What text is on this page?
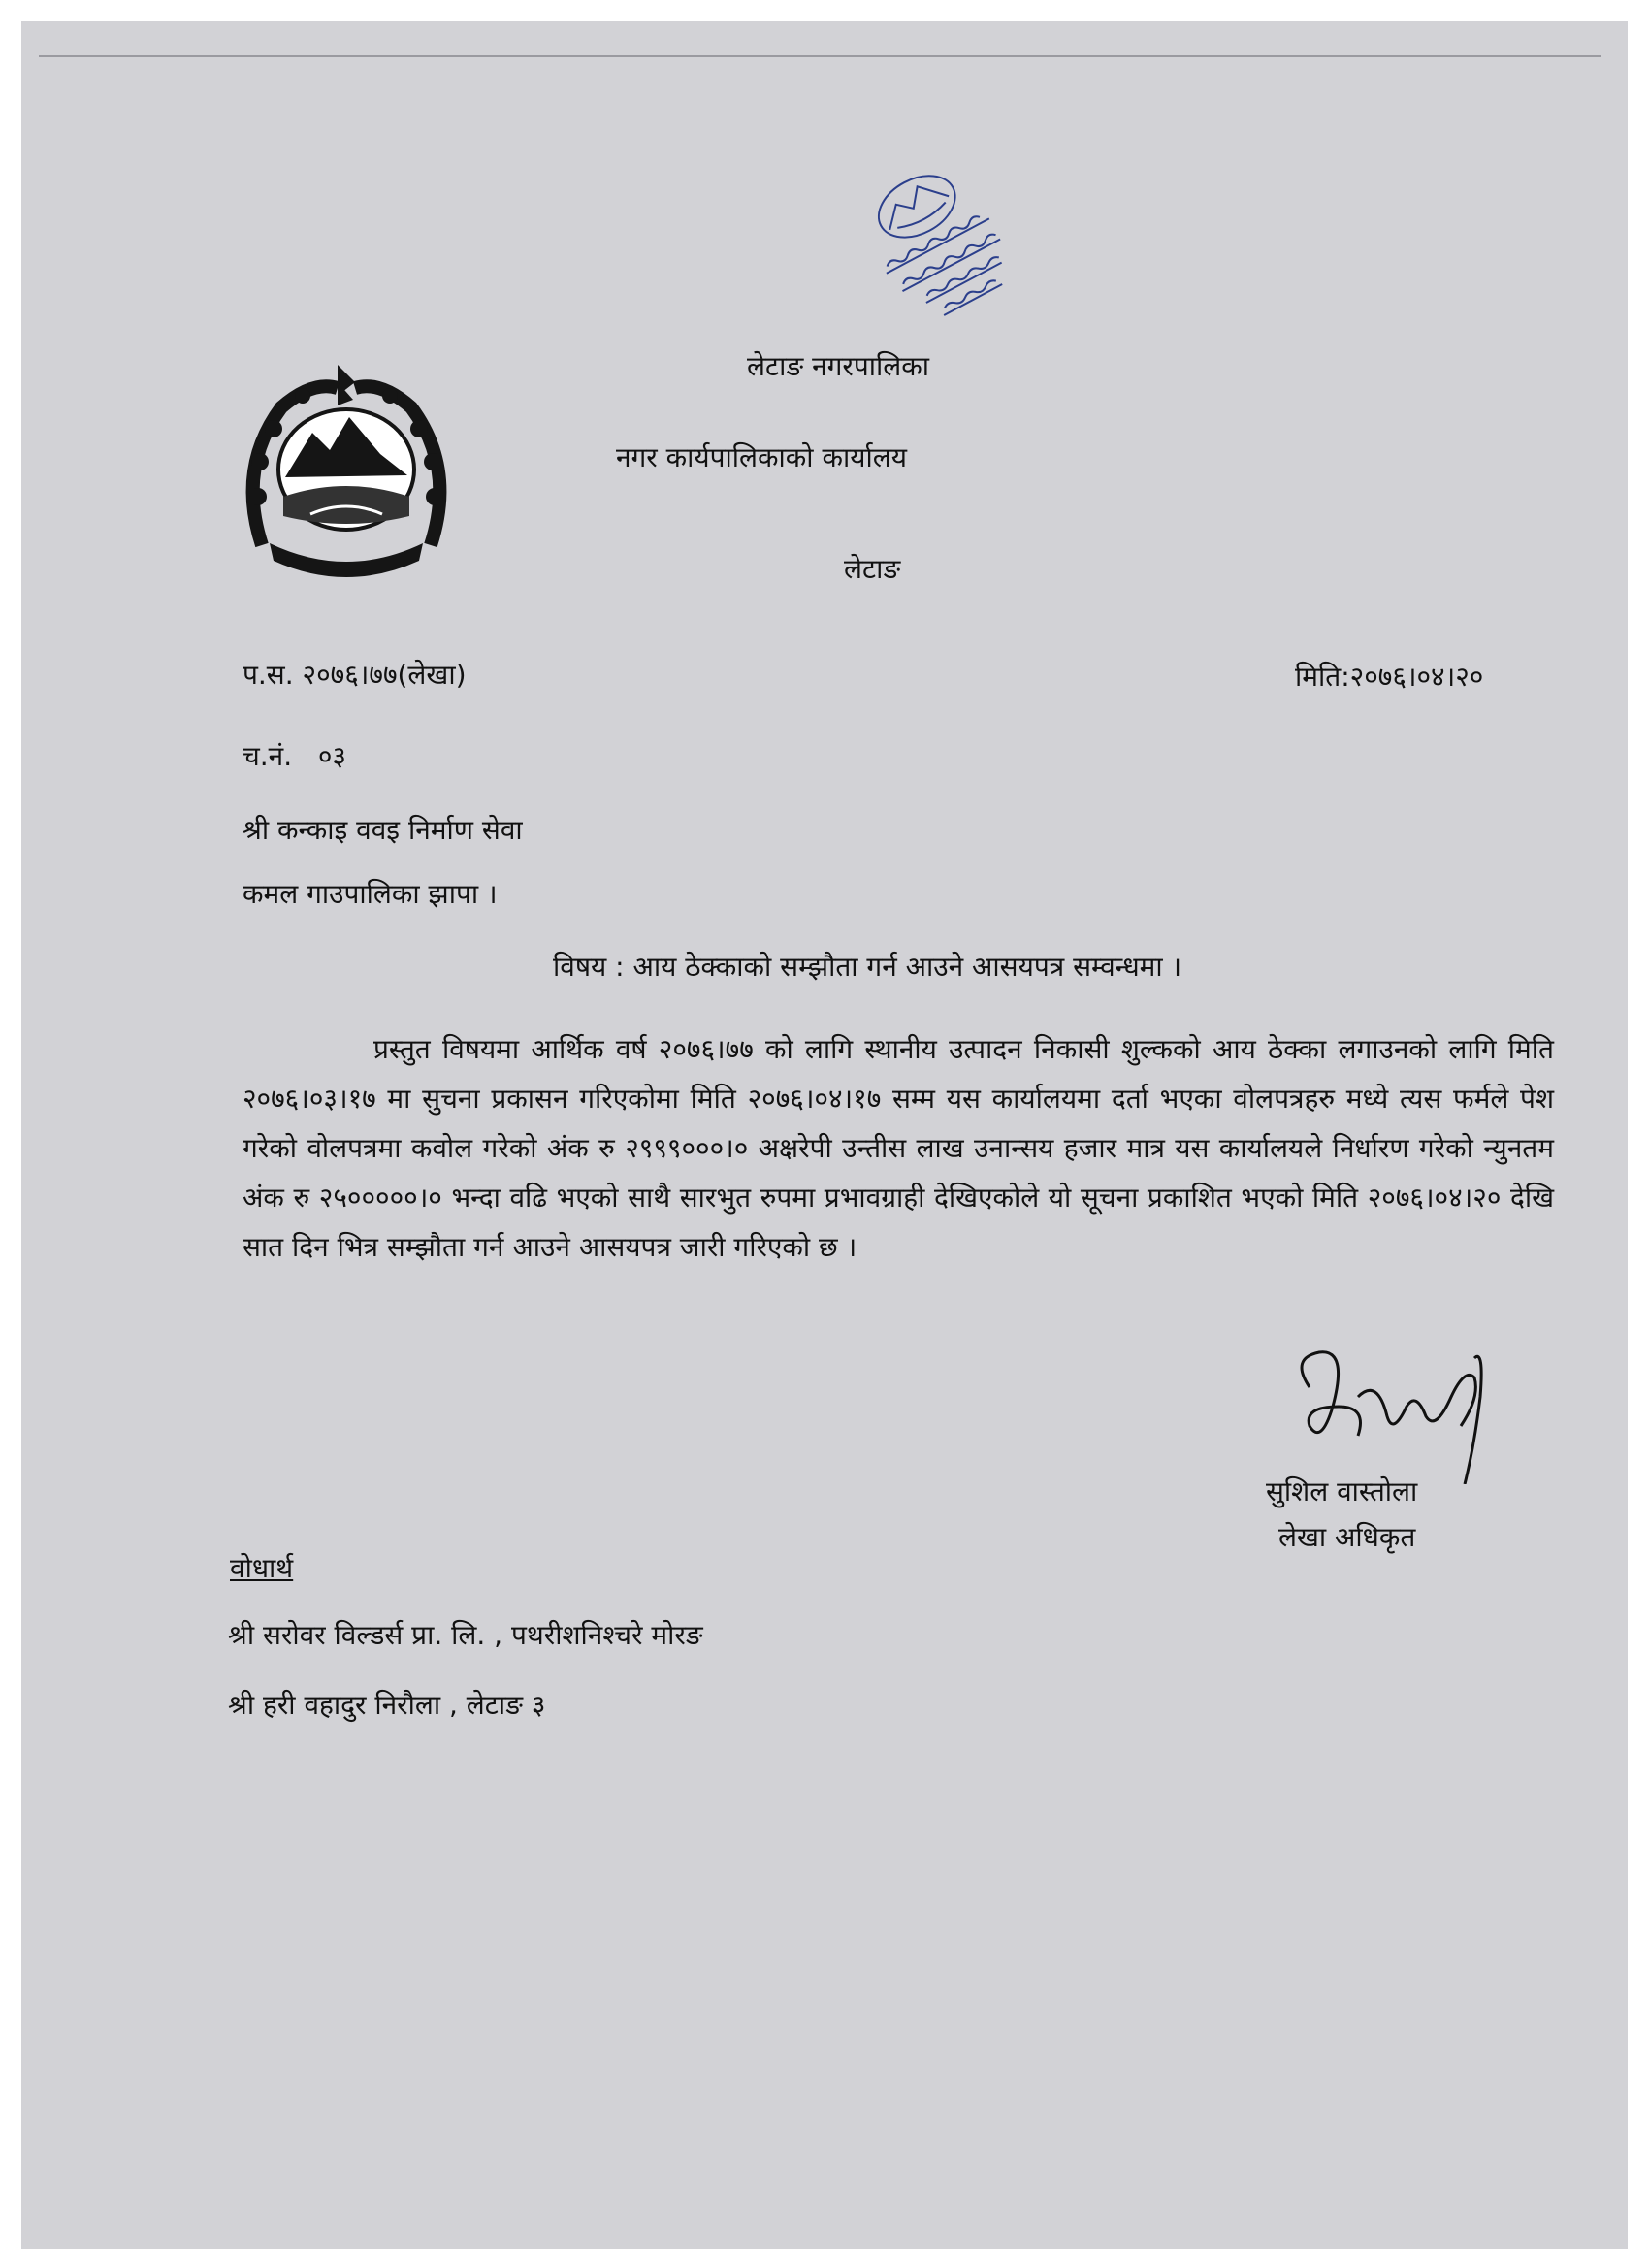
लेटाङ नगरपालिका
नगर कार्यपालिकाको कार्यालय
लेटाङ
प.स. २०७६।७७(लेखा)	मिति:२०७६।०४।२०
च.नं.   ०३
श्री कन्काइ ववइ निर्माण सेवा
कमल गाउपालिका झापा ।
विषय : आय ठेक्काको सम्झौता गर्न आउने आसयपत्र सम्वन्धमा ।
प्रस्तुत विषयमा आर्थिक वर्ष २०७६।७७ को लागि स्थानीय उत्पादन निकासी शुल्कको आय ठेक्का लगाउनको लागि मिति २०७६।०३।१७ मा सुचना प्रकासन गरिएकोमा मिति २०७६।०४।१७ सम्म यस कार्यालयमा दर्ता भएका वोलपत्रहरु मध्ये त्यस फर्मले पेश गरेको वोलपत्रमा कवोल गरेको अंक रु २९९९०००।० अक्षरेपी उन्तीस लाख उनान्सय हजार मात्र यस कार्यालयले निर्धारण गरेको न्युनतम अंक रु २५०००००।० भन्दा वढि भएको साथै सारभुत रुपमा प्रभावग्राही देखिएकोले यो सूचना प्रकाशित भएको मिति २०७६।०४।२० देखि सात दिन भित्र सम्झौता गर्न आउने आसयपत्र जारी गरिएको छ ।
सुशिल वास्तोला
लेखा अधिकृत
वोधार्थ
श्री सरोवर विल्डर्स प्रा. लि. , पथरीशनिश्चरे मोरङ
श्री हरी वहादुर निरौला , लेटाङ ३
